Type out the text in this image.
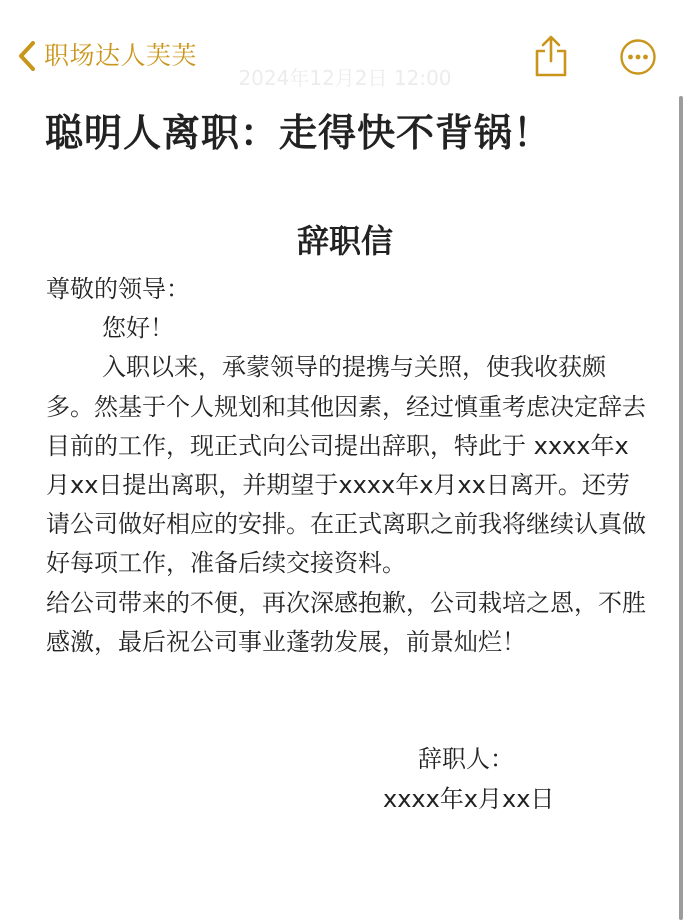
职场达人芙芙
2024年12月2日 12:00
聪明人离职：走得快不背锅！
辞职信

尊敬的领导：

您好！

入职以来，承蒙领导的提携与关照，使我收获颇多。然基于个人规划和其他因素，经过慎重考虑决定辞去目前的工作，现正式向公司提出辞职，特此于 xxxx年x月xx日提出离职，并期望于xxxx年x月xx日离开。还劳请公司做好相应的安排。在正式离职之前我将继续认真做好每项工作，准备后续交接资料。

给公司带来的不便，再次深感抱歉，公司栽培之恩，不胜感激，最后祝公司事业蓬勃发展，前景灿烂！

辞职人：
xxxx年x月xx日
